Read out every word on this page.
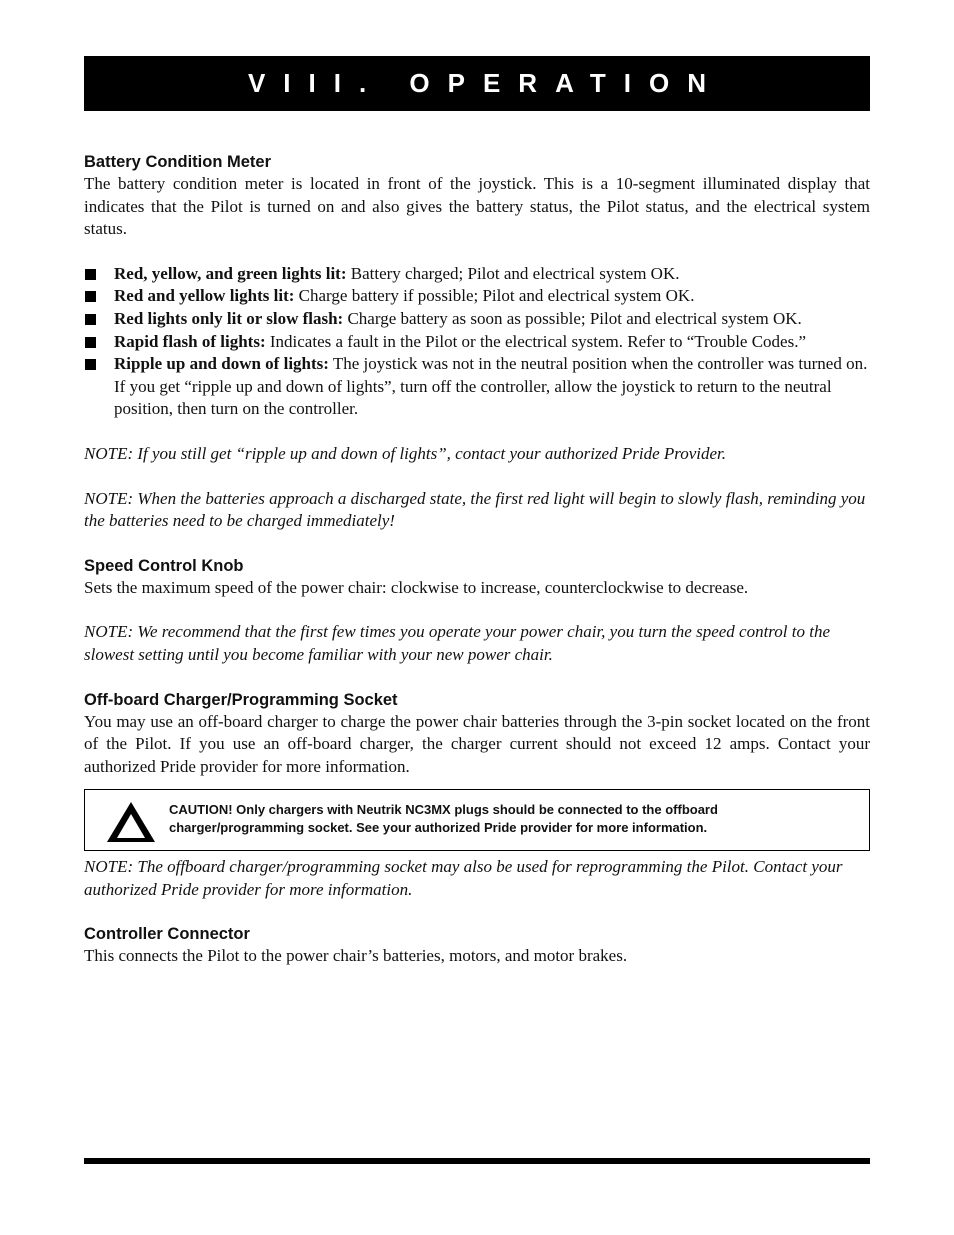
VIII. OPERATION
Battery Condition Meter

The battery condition meter is located in front of the joystick. This is a 10-segment illuminated display that indicates that the Pilot is turned on and also gives the battery status, the Pilot status, and the electrical system status.

Red, yellow, and green lights lit: Battery charged; Pilot and electrical system OK.
Red and yellow lights lit: Charge battery if possible; Pilot and electrical system OK.
Red lights only lit or slow flash: Charge battery as soon as possible; Pilot and electrical system OK.
Rapid flash of lights: Indicates a fault in the Pilot or the electrical system. Refer to “Trouble Codes.”
Ripple up and down of lights: The joystick was not in the neutral position when the controller was turned on. If you get “ripple up and down of lights”, turn off the controller, allow the joystick to return to the neutral position, then turn on the controller.

NOTE: If you still get “ripple up and down of lights”, contact your authorized Pride Provider.

NOTE: When the batteries approach a discharged state, the first red light will begin to slowly flash, reminding you the batteries need to be charged immediately!

Speed Control Knob

Sets the maximum speed of the power chair: clockwise to increase, counterclockwise to decrease.

NOTE: We recommend that the first few times you operate your power chair, you turn the speed control to the slowest setting until you become familiar with your new power chair.

Off-board Charger/Programming Socket

You may use an off-board charger to charge the power chair batteries through the 3-pin socket located on the front of the Pilot. If you use an off-board charger, the charger current should not exceed 12 amps. Contact your authorized Pride provider for more information.

CAUTION! Only chargers with Neutrik NC3MX plugs should be connected to the offboard charger/programming socket. See your authorized Pride provider for more information.

NOTE: The offboard charger/programming socket may also be used for reprogramming the Pilot. Contact your authorized Pride provider for more information.

Controller Connector

This connects the Pilot to the power chair’s batteries, motors, and motor brakes.
